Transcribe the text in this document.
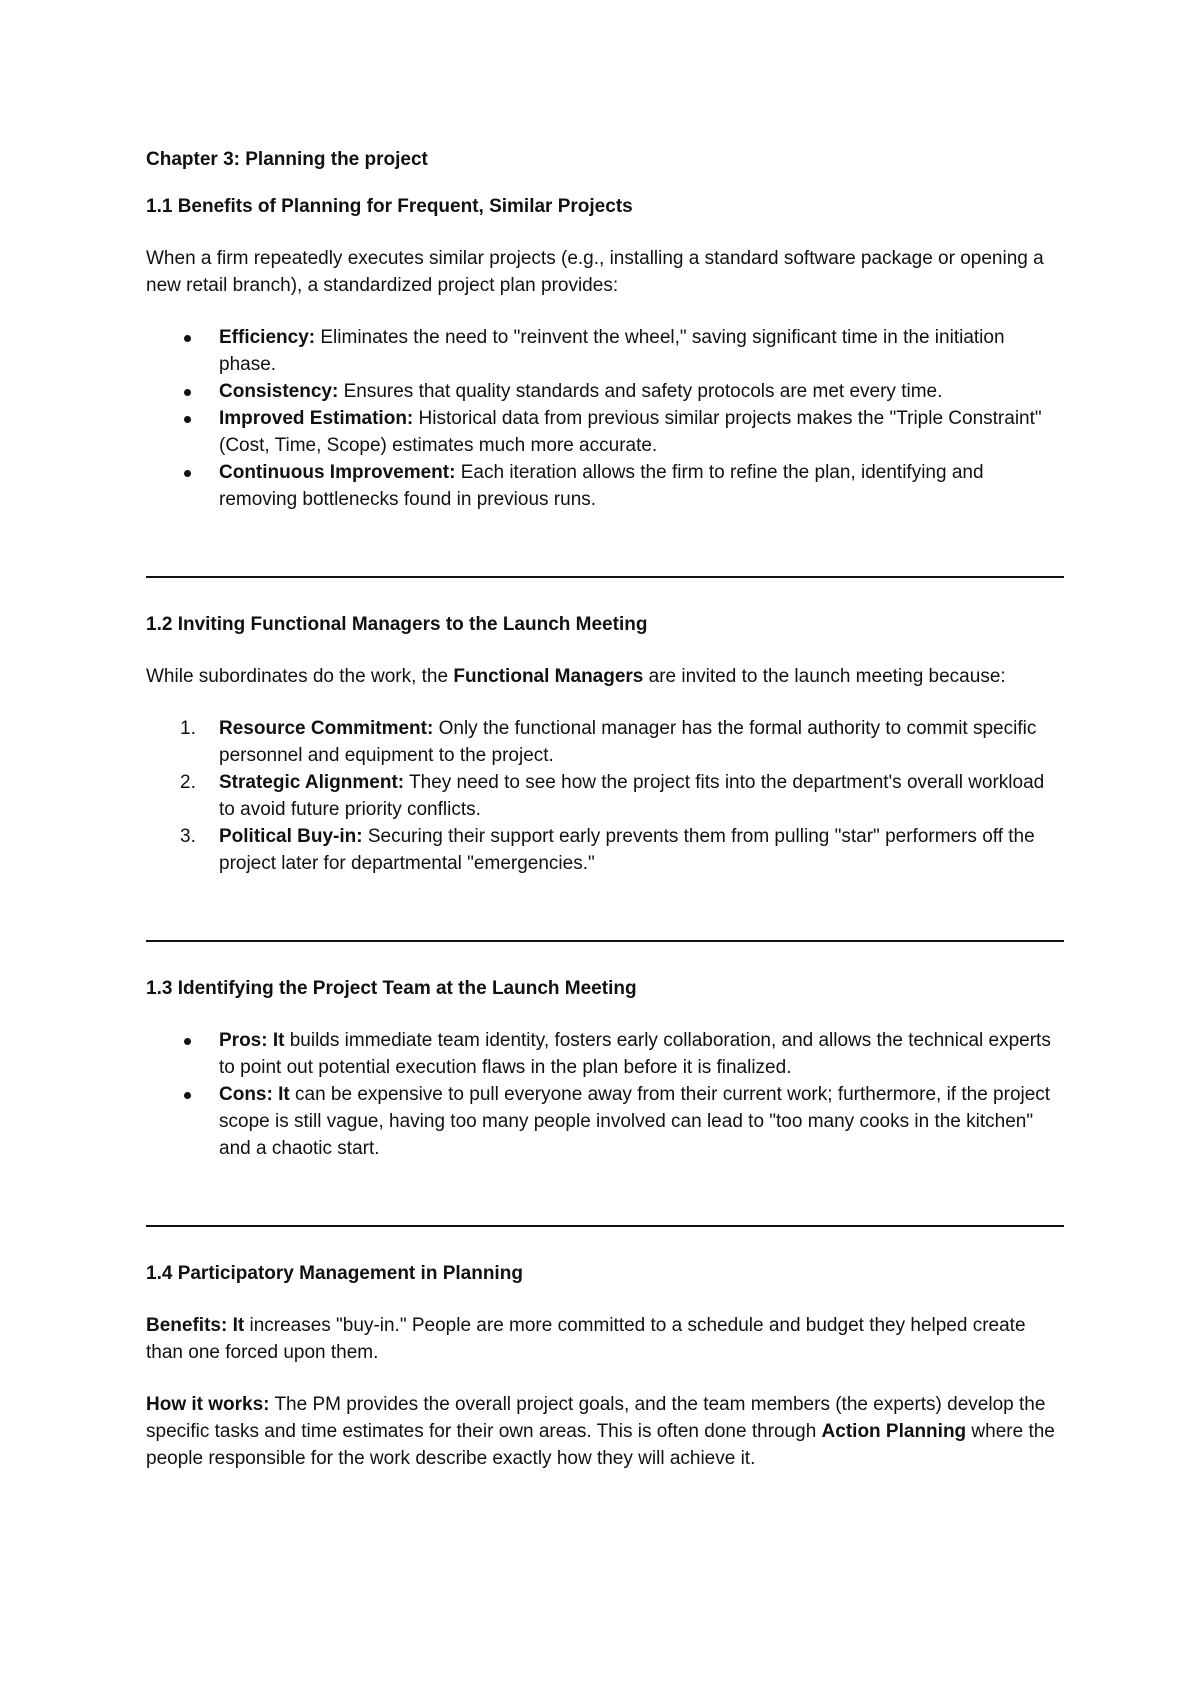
Chapter 3: Planning the project

1.1 Benefits of Planning for Frequent, Similar Projects

When a firm repeatedly executes similar projects (e.g., installing a standard software package or opening a new retail branch), a standardized project plan provides:

Efficiency: Eliminates the need to "reinvent the wheel," saving significant time in the initiation phase.
Consistency: Ensures that quality standards and safety protocols are met every time.
Improved Estimation: Historical data from previous similar projects makes the "Triple Constraint" (Cost, Time, Scope) estimates much more accurate.
Continuous Improvement: Each iteration allows the firm to refine the plan, identifying and removing bottlenecks found in previous runs.

1.2 Inviting Functional Managers to the Launch Meeting

While subordinates do the work, the Functional Managers are invited to the launch meeting because:

1. Resource Commitment: Only the functional manager has the formal authority to commit specific personnel and equipment to the project.
2. Strategic Alignment: They need to see how the project fits into the department's overall workload to avoid future priority conflicts.
3. Political Buy-in: Securing their support early prevents them from pulling "star" performers off the project later for departmental "emergencies."

1.3 Identifying the Project Team at the Launch Meeting

Pros: It builds immediate team identity, fosters early collaboration, and allows the technical experts to point out potential execution flaws in the plan before it is finalized.
Cons: It can be expensive to pull everyone away from their current work; furthermore, if the project scope is still vague, having too many people involved can lead to "too many cooks in the kitchen" and a chaotic start.

1.4 Participatory Management in Planning

Benefits: It increases "buy-in." People are more committed to a schedule and budget they helped create than one forced upon them.

How it works: The PM provides the overall project goals, and the team members (the experts) develop the specific tasks and time estimates for their own areas. This is often done through Action Planning where the people responsible for the work describe exactly how they will achieve it.
